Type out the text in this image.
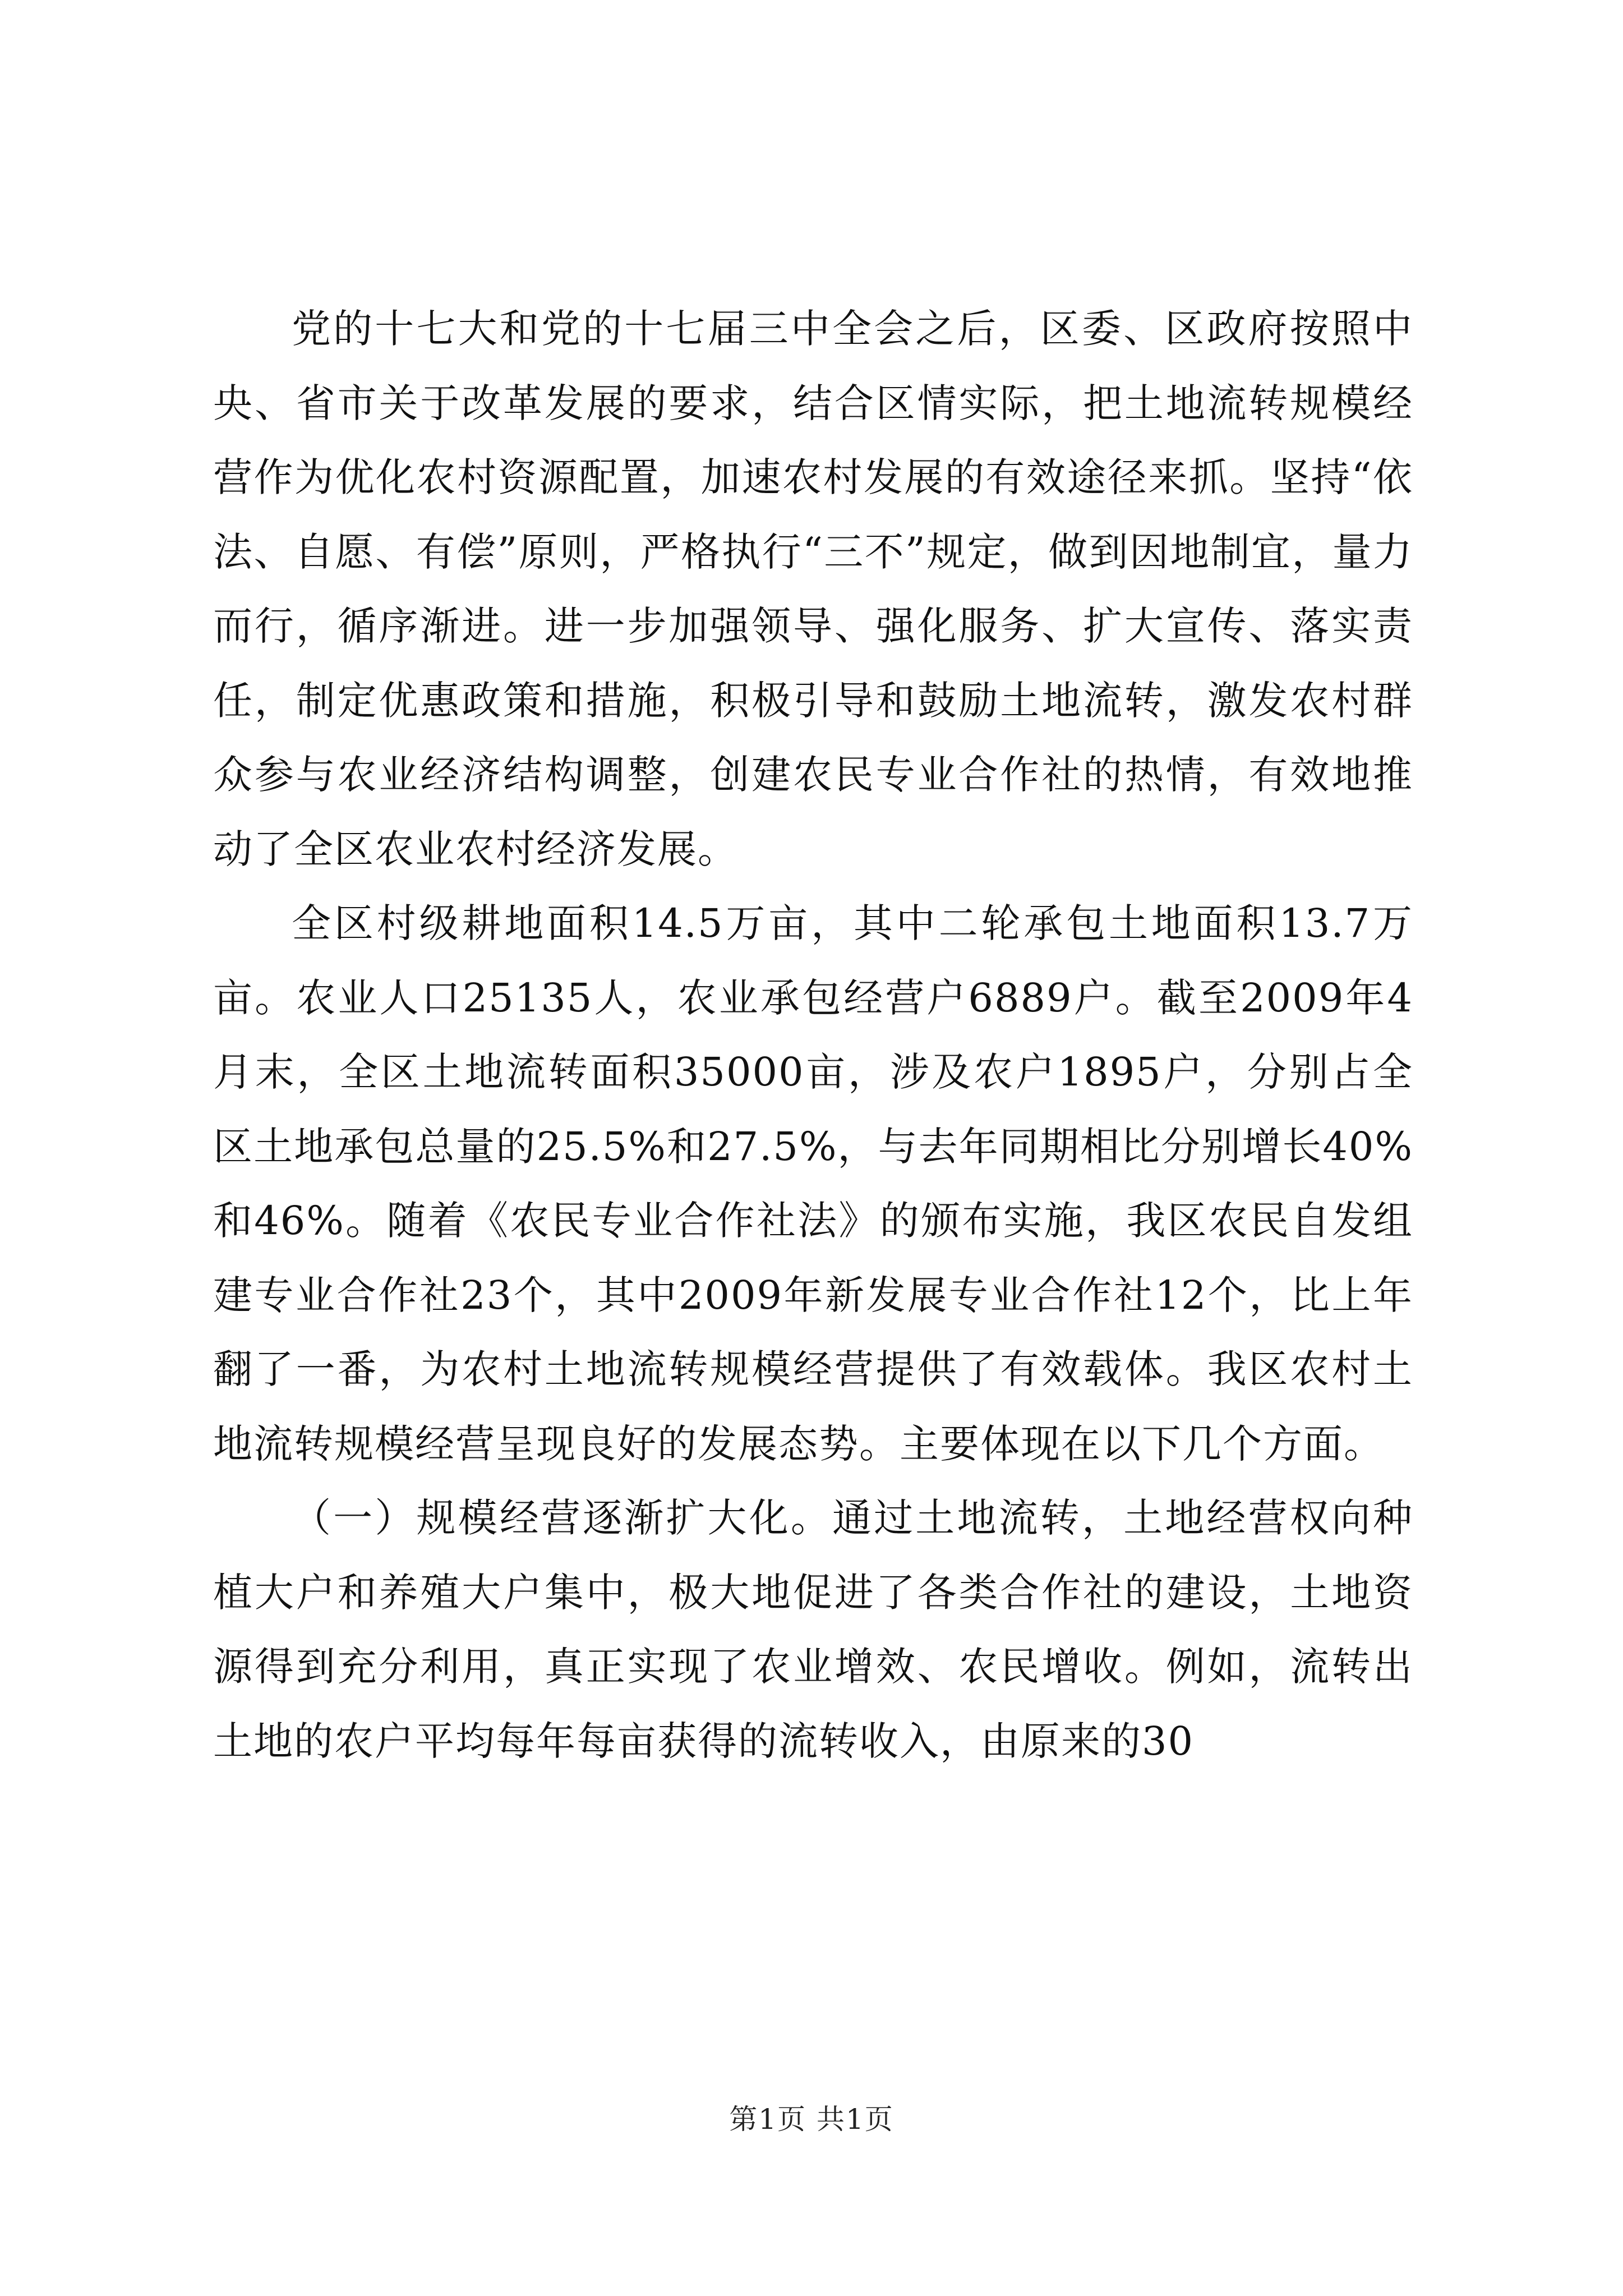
党的十七大和党的十七届三中全会之后，区委、区政府按照中央、省市关于改革发展的要求，结合区情实际，把土地流转规模经营作为优化农村资源配置，加速农村发展的有效途径来抓。坚持“依法、自愿、有偿”原则，严格执行“三不”规定，做到因地制宜，量力而行，循序渐进。进一步加强领导、强化服务、扩大宣传、落实责任，制定优惠政策和措施，积极引导和鼓励土地流转，激发农村群众参与农业经济结构调整，创建农民专业合作社的热情，有效地推动了全区农业农村经济发展。

全区村级耕地面积14.5万亩，其中二轮承包土地面积13.7万亩。农业人口25135人，农业承包经营户6889户。截至2009年4月末，全区土地流转面积35000亩，涉及农户1895户，分别占全区土地承包总量的25.5%和27.5%，与去年同期相比分别增长40%和46%。随着《农民专业合作社法》的颁布实施，我区农民自发组建专业合作社23个，其中2009年新发展专业合作社12个，比上年翻了一番，为农村土地流转规模经营提供了有效载体。我区农村土地流转规模经营呈现良好的发展态势。主要体现在以下几个方面。

（一）规模经营逐渐扩大化。通过土地流转，土地经营权向种植大户和养殖大户集中，极大地促进了各类合作社的建设，土地资源得到充分利用，真正实现了农业增效、农民增收。例如，流转出土地的农户平均每年每亩获得的流转收入，由原来的30

第1页 共1页
